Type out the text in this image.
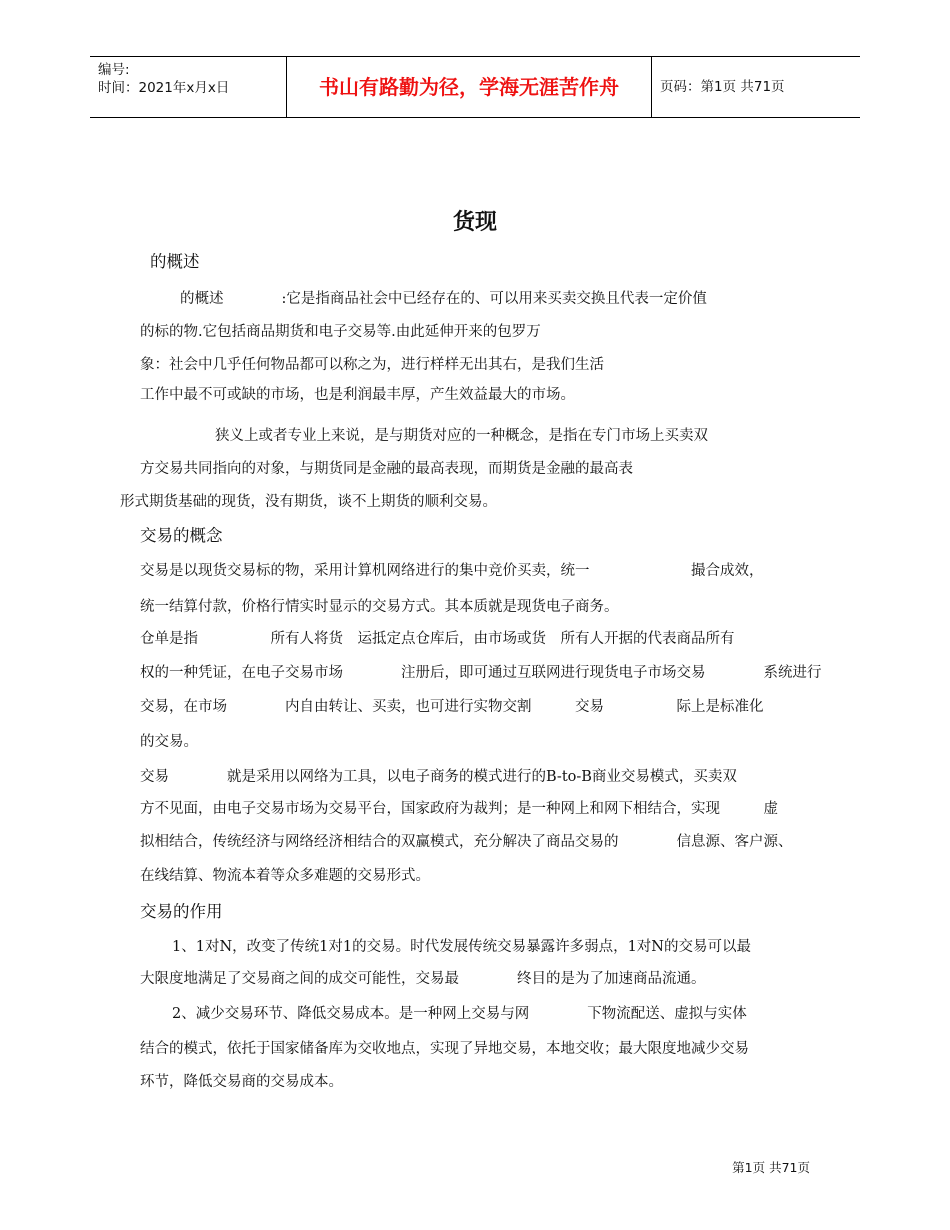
编号:
时间：2021年x月x日	书山有路勤为径，学海无涯苦作舟	页码：第1页 共71页
货现
的概述
的概述　　　　:它是指商品社会中已经存在的、可以用来买卖交换且代表一定价值
的标的物.它包括商品期货和电子交易等.由此延伸开来的包罗万
象：社会中几乎任何物品都可以称之为，进行样样无出其右，是我们生活
工作中最不可或缺的市场，也是利润最丰厚，产生效益最大的市场。
狭义上或者专业上来说，是与期货对应的一种概念，是指在专门市场上买卖双
方交易共同指向的对象，与期货同是金融的最高表现，而期货是金融的最高表
形式期货基础的现货，没有期货，谈不上期货的顺利交易。
交易的概念
交易是以现货交易标的物，采用计算机网络进行的集中竞价买卖，统一　　　　　　　撮合成效，
统一结算付款，价格行情实时显示的交易方式。其本质就是现货电子商务。
仓单是指　　　　　所有人将货　运抵定点仓库后，由市场或货　所有人开据的代表商品所有
权的一种凭证，在电子交易市场　　　　注册后，即可通过互联网进行现货电子市场交易　　　　系统进行
交易，在市场　　　　内自由转让、买卖，也可进行实物交割　　　交易　　　　　际上是标准化
的交易。
交易　　　　就是采用以网络为工具，以电子商务的模式进行的B-to-B商业交易模式，买卖双
方不见面，由电子交易市场为交易平台，国家政府为裁判；是一种网上和网下相结合，实现　　　虚
拟相结合，传统经济与网络经济相结合的双赢模式，充分解决了商品交易的　　　　信息源、客户源、
在线结算、物流本着等众多难题的交易形式。
交易的作用
1、1对N，改变了传统1对1的交易。时代发展传统交易暴露许多弱点，1对N的交易可以最
大限度地满足了交易商之间的成交可能性，交易最　　　　终目的是为了加速商品流通。
2、减少交易环节、降低交易成本。是一种网上交易与网　　　　下物流配送、虚拟与实体
结合的模式，依托于国家储备库为交收地点，实现了异地交易，本地交收；最大限度地减少交易
环节，降低交易商的交易成本。
第1页 共71页
